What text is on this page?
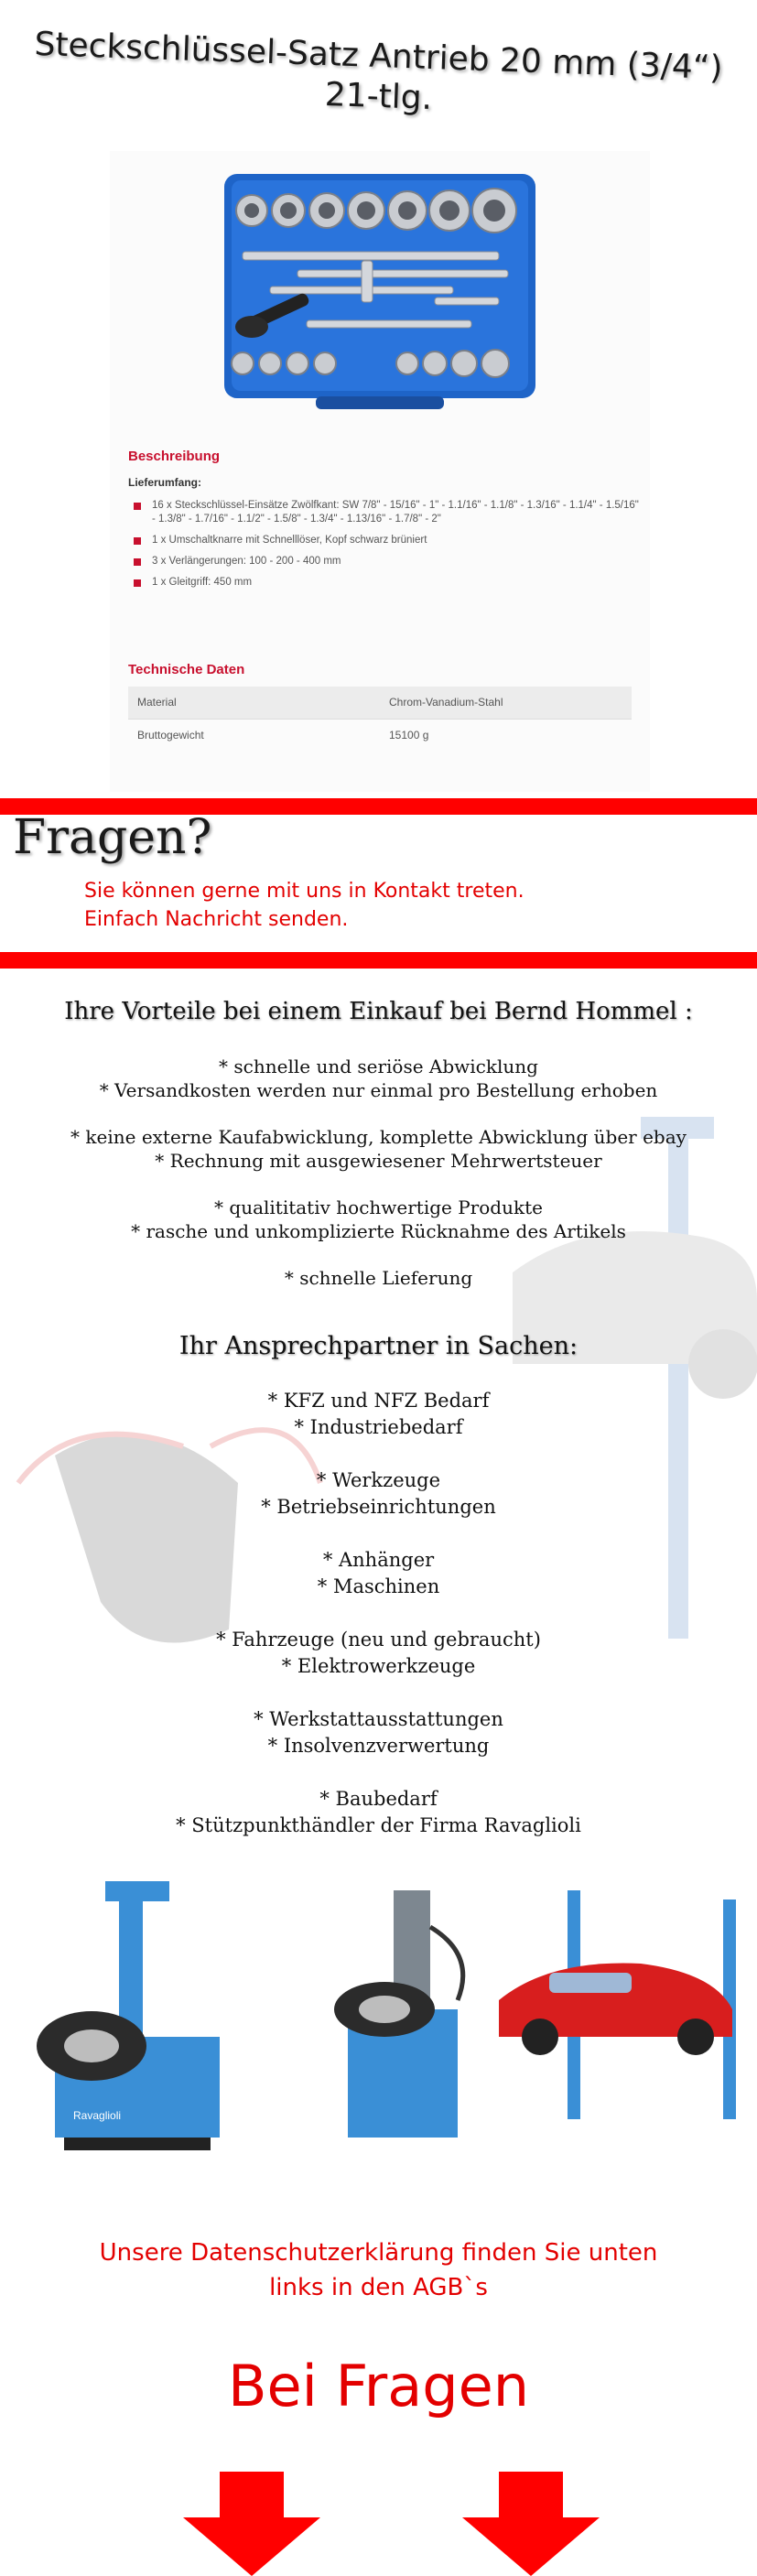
Steckschlüssel-Satz Antrieb 20 mm (3/4“)
21-tlg.
Beschreibung
Lieferumfang:
16 x Steckschlüssel-Einsätze Zwölfkant: SW 7/8" - 15/16" - 1" - 1.1/16" - 1.1/8" - 1.3/16" - 1.1/4" - 1.5/16" - 1.3/8" - 1.7/16" - 1.1/2" - 1.5/8" - 1.3/4" - 1.13/16" - 1.7/8" - 2"
1 x Umschaltknarre mit Schnelllöser, Kopf schwarz brüniert
3 x Verlängerungen: 100 - 200 - 400 mm
1 x Gleitgriff: 450 mm
Technische Daten
Material	Chrom-Vanadium-Stahl
Bruttogewicht	15100 g
Fragen?
Sie können gerne mit uns in Kontakt treten.
Einfach Nachricht senden.
Ihre Vorteile bei einem Einkauf bei Bernd Hommel :
* schnelle und seriöse Abwicklung
* Versandkosten werden nur einmal pro Bestellung erhoben
* keine externe Kaufabwicklung, komplette Abwicklung über ebay
* Rechnung mit ausgewiesener Mehrwertsteuer
* qualititativ hochwertige Produkte
* rasche und unkomplizierte Rücknahme des Artikels
* schnelle Lieferung
Ihr Ansprechpartner in Sachen:
* KFZ und NFZ Bedarf
* Industriebedarf
* Werkzeuge
* Betriebseinrichtungen
* Anhänger
* Maschinen
* Fahrzeuge (neu und gebraucht)
* Elektrowerkzeuge
* Werkstattausstattungen
* Insolvenzverwertung
* Baubedarf
* Stützpunkthändler der Firma Ravaglioli
Ravaglioli
Unsere Datenschutzerklärung finden Sie unten
links in den AGB`s
Bei Fragen
